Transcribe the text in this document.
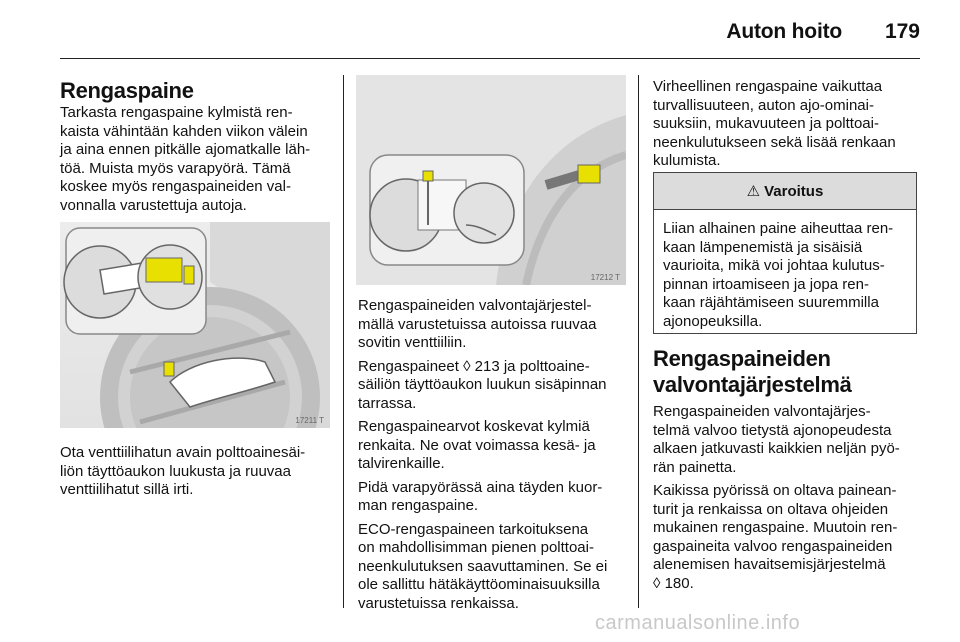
Auton hoito 179
Rengaspaine

Tarkasta rengaspaine kylmistä ren-
kaista vähintään kahden viikon välein
ja aina ennen pitkälle ajomatkalle läh-
töä. Muista myös varapyörä. Tämä
koskee myös rengaspaineiden val-
vonnalla varustettuja autoja.

17211 T

Ota venttiilihatun avain polttoainesäi-
liön täyttöaukon luukusta ja ruuvaa
venttiilihatut sillä irti.

17212 T

Rengaspaineiden valvontajärjestel-
mällä varustetuissa autoissa ruuvaa
sovitin venttiiliin.

Rengaspaineet ◊ 213 ja polttoaine-
säiliön täyttöaukon luukun sisäpinnan
tarrassa.

Rengaspainearvot koskevat kylmiä
renkaita. Ne ovat voimassa kesä- ja
talvirenkaille.

Pidä varapyörässä aina täyden kuor-
man rengaspaine.

ECO-rengaspaineen tarkoituksena
on mahdollisimman pienen polttoai-
neenkulutuksen saavuttaminen. Se ei
ole sallittu hätäkäyttöominaisuuksilla
varustetuissa renkaissa.

Virheellinen rengaspaine vaikuttaa
turvallisuuteen, auton ajo-ominai-
suuksiin, mukavuuteen ja polttoai-
neenkulutukseen sekä lisää renkaan
kulumista.

⚠ Varoitus
Liian alhainen paine aiheuttaa ren-
kaan lämpenemistä ja sisäisiä
vaurioita, mikä voi johtaa kulutus-
pinnan irtoamiseen ja jopa ren-
kaan räjähtämiseen suuremmilla
ajonopeuksilla.
Rengaspaineiden
valvontajärjestelmä

Rengaspaineiden valvontajärjes-
telmä valvoo tietystä ajonopeudesta
alkaen jatkuvasti kaikkien neljän pyö-
rän painetta.

Kaikissa pyörissä on oltava painean-
turit ja renkaissa on oltava ohjeiden
mukainen rengaspaine. Muutoin ren-
gaspaineita valvoo rengaspaineiden
alenemisen havaitsemisjärjestelmä
◊ 180.

carmanualsonline.info
